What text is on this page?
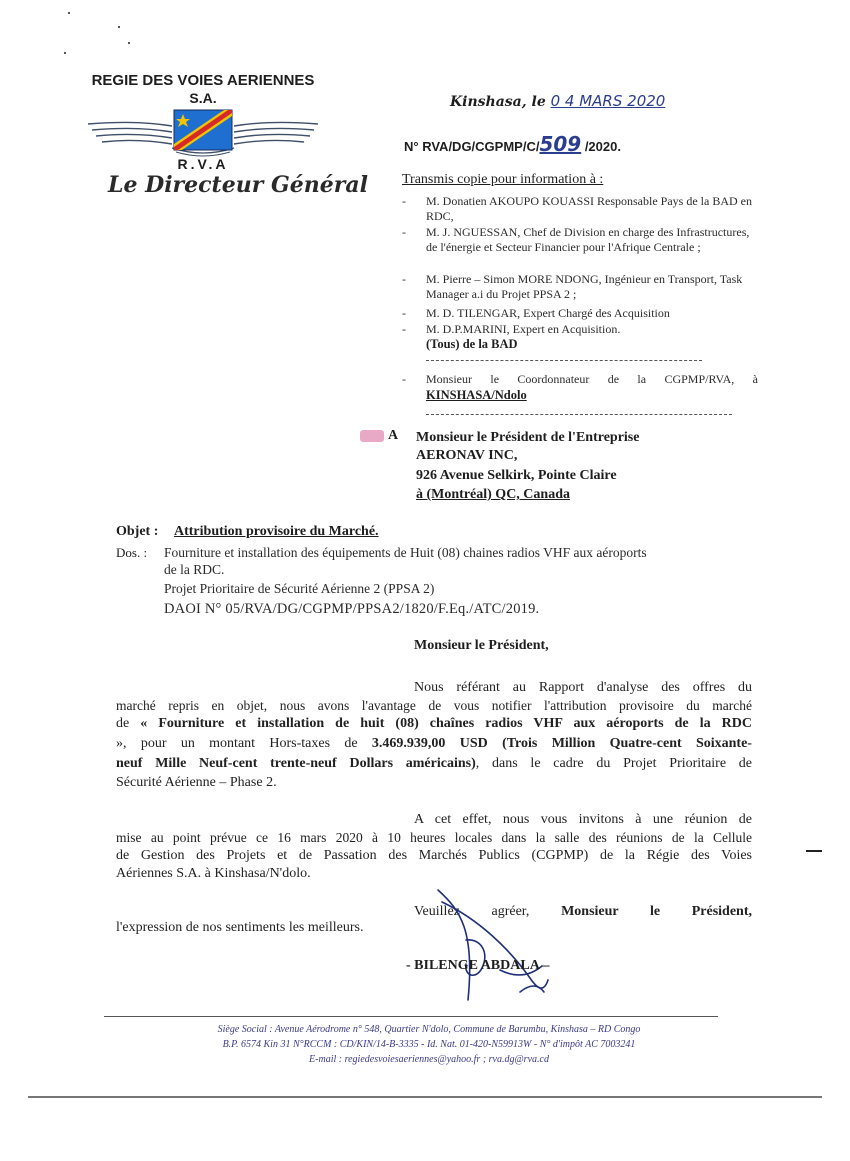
REGIE DES VOIES AERIENNES
S.A.
R.V.A
Le Directeur Général
Kinshasa, le 0 4 MARS 2020
N° RVA/DG/CGPMP/C/509 /2020.
Transmis copie pour information à :
- M. Donatien AKOUPO KOUASSI Responsable Pays de la BAD en RDC,
- M. J. NGUESSAN, Chef de Division en charge des Infrastructures, de l'énergie et Secteur Financier pour l'Afrique Centrale ;
- M. Pierre – Simon MORE NDONG, Ingénieur en Transport, Task Manager a.i du Projet PPSA 2 ;
- M. D. TILENGAR, Expert Chargé des Acquisition
- M. D.P.MARINI, Expert en Acquisition.
(Tous) de la BAD
- Monsieur le Coordonnateur de la CGPMP/RVA, à
KINSHASA/Ndolo
A Monsieur le Président de l'Entreprise
AERONAV INC,
926 Avenue Selkirk, Pointe Claire
à (Montréal) QC, Canada
Objet : Attribution provisoire du Marché.
Dos. : Fourniture et installation des équipements de Huit (08) chaines radios VHF aux aéroports
de la RDC.
Projet Prioritaire de Sécurité Aérienne 2 (PPSA 2)
DAOI N° 05/RVA/DG/CGPMP/PPSA2/1820/F.Eq./ATC/2019.
Monsieur le Président,
Nous référant au Rapport d'analyse des offres du
marché repris en objet, nous avons l'avantage de vous notifier l'attribution provisoire du marché
de « Fourniture et installation de huit (08) chaînes radios VHF aux aéroports de la RDC
», pour un montant Hors-taxes de 3.469.939,00 USD (Trois Million Quatre-cent Soixante-
neuf Mille Neuf-cent trente-neuf Dollars américains), dans le cadre du Projet Prioritaire de
Sécurité Aérienne – Phase 2.
A cet effet, nous vous invitons à une réunion de
mise au point prévue ce 16 mars 2020 à 10 heures locales dans la salle des réunions de la Cellule
de Gestion des Projets et de Passation des Marchés Publics (CGPMP) de la Régie des Voies
Aériennes S.A. à Kinshasa/N'dolo.
Veuillez agréer, Monsieur le Président,
l'expression de nos sentiments les meilleurs.
- BILENGE ABDALA –
Siège Social : Avenue Aérodrome n° 548, Quartier N'dolo, Commune de Barumbu, Kinshasa – RD Congo
B.P. 6574 Kin 31 N°RCCM : CD/KIN/14-B-3335 - Id. Nat. 01-420-N59913W - N° d'impôt AC 7003241
E-mail : regiedesvoiesaeriennes@yahoo.fr ; rva.dg@rva.cd
